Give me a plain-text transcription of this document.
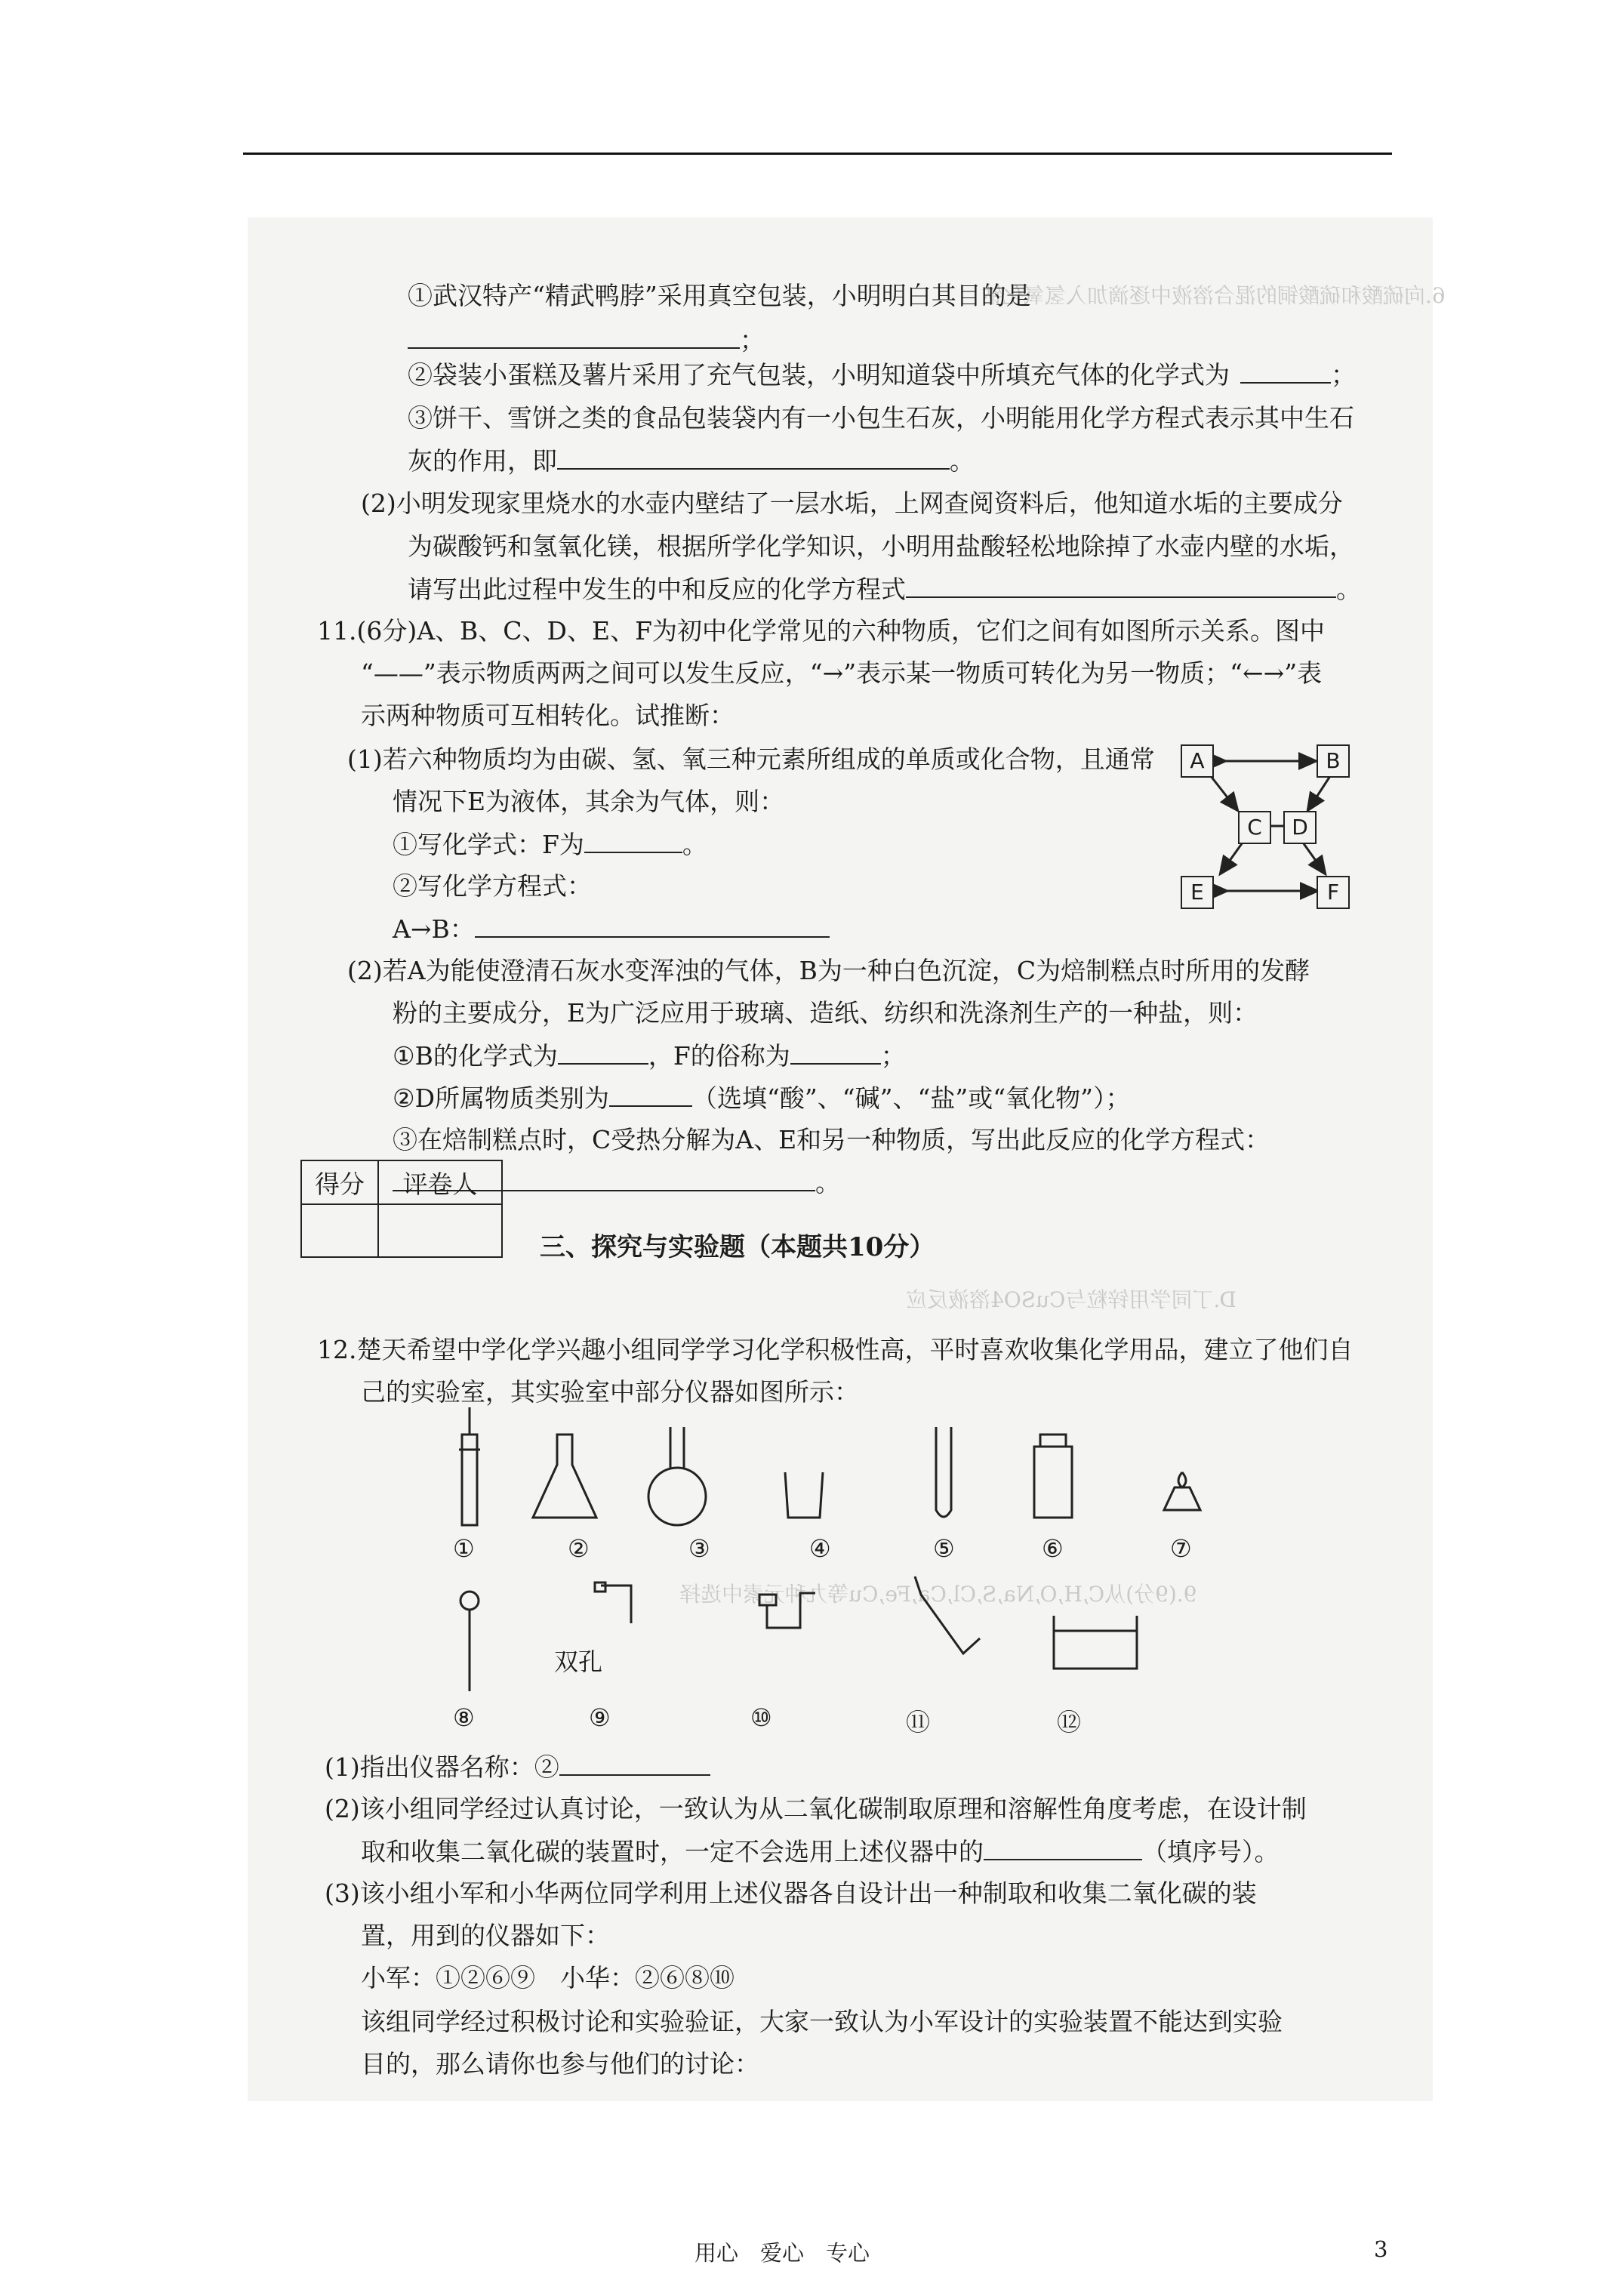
6.向硫酸和硫酸铜的混合溶液中逐滴加入氢氧化钠
D.丁同学用锌粒与CuSO4溶液反应
9.(9分)从C,H,O,Na,S,Cl,Ca,Fe,Cu等九种元素中选择
①武汉特产“精武鸭脖”采用真空包装，小明明白其目的是
；
②袋装小蛋糕及薯片采用了充气包装，小明知道袋中所填充气体的化学式为	；
③饼干、雪饼之类的食品包装袋内有一小包生石灰，小明能用化学方程式表示其中生石
灰的作用，即	。
(2)小明发现家里烧水的水壶内壁结了一层水垢，上网查阅资料后，他知道水垢的主要成分
为碳酸钙和氢氧化镁，根据所学化学知识，小明用盐酸轻松地除掉了水壶内壁的水垢，
请写出此过程中发生的中和反应的化学方程式	。
11.(6分)A、B、C、D、E、F为初中化学常见的六种物质，它们之间有如图所示关系。图中
“——”表示物质两两之间可以发生反应，“→”表示某一物质可转化为另一物质；“←→”表
示两种物质可互相转化。试推断：
(1)若六种物质均为由碳、氢、氧三种元素所组成的单质或化合物，且通常
情况下E为液体，其余为气体，则：
①写化学式：F为	。
②写化学方程式：
A→B：
(2)若A为能使澄清石灰水变浑浊的气体，B为一种白色沉淀，C为焙制糕点时所用的发酵
粉的主要成分，E为广泛应用于玻璃、造纸、纺织和洗涤剂生产的一种盐，则：
①B的化学式为	，F的俗称为	；
②D所属物质类别为	（选填“酸”、“碱”、“盐”或“氧化物”）；
③在焙制糕点时，C受热分解为A、E和另一种物质，写出此反应的化学方程式：
。
得分	评卷人

三、探究与实验题（本题共10分）
A	B
C	D
E	F
12.楚天希望中学化学兴趣小组同学学习化学积极性高，平时喜欢收集化学用品，建立了他们自
己的实验室，其实验室中部分仪器如图所示：
①	②	③	④	⑤	⑥	⑦
⑧
双孔
⑨	⑩	⑪	⑫
(1)指出仪器名称：②
(2)该小组同学经过认真讨论，一致认为从二氧化碳制取原理和溶解性角度考虑，在设计制
取和收集二氧化碳的装置时，一定不会选用上述仪器中的	（填序号）。
(3)该小组小军和小华两位同学利用上述仪器各自设计出一种制取和收集二氧化碳的装
置，用到的仪器如下：
小军：①②⑥⑨　小华：②⑥⑧⑩
该组同学经过积极讨论和实验验证，大家一致认为小军设计的实验装置不能达到实验
目的，那么请你也参与他们的讨论：
用心　爱心　专心	3
